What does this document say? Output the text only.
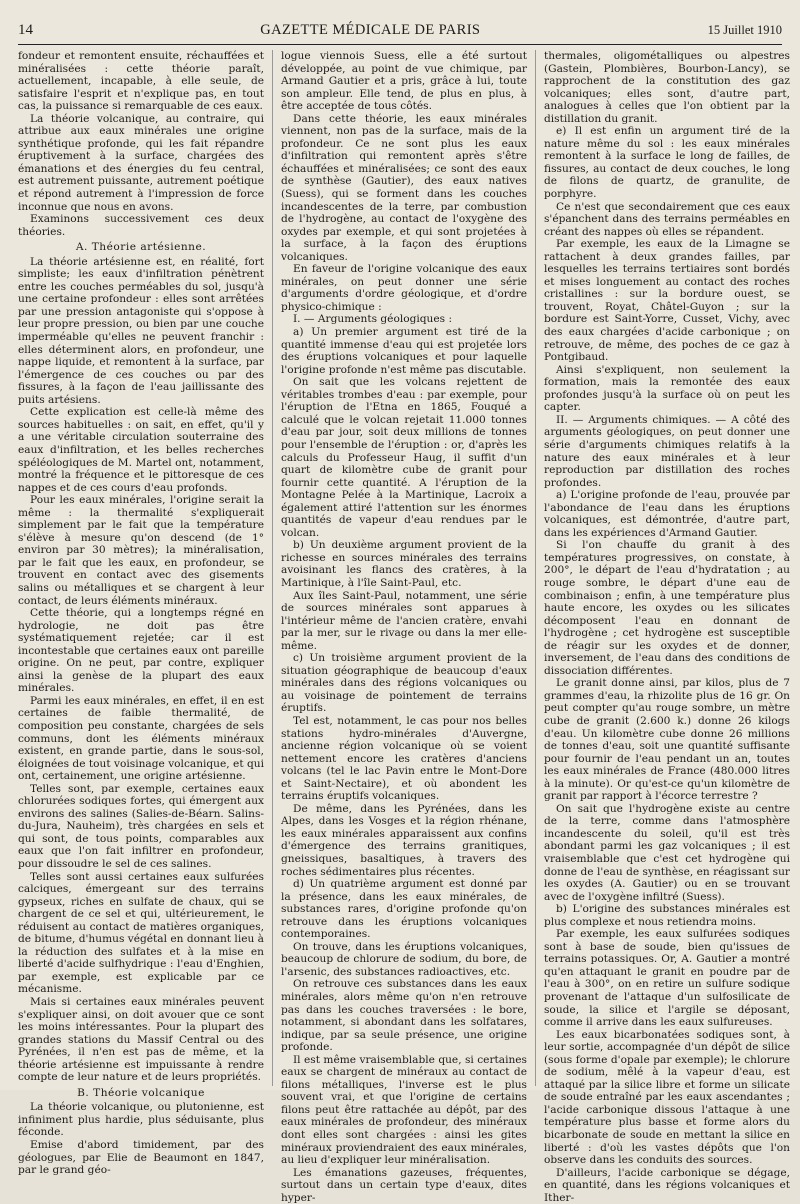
14	GAZETTE MÉDICALE DE PARIS	15 Juillet 1910

fondeur et remontent ensuite, réchauffées et minéralisées : cette théorie paraît, actuellement, incapable, à elle seule, de satisfaire l'esprit et n'explique pas, en tout cas, la puissance si remarquable de ces eaux.

La théorie volcanique, au contraire, qui attribue aux eaux minérales une origine synthétique profonde, qui les fait répandre éruptivement à la surface, chargées des émanations et des énergies du feu central, est autrement puissante, autrement poétique et répond autrement à l'impression de force inconnue que nous en avons.

Examinons successivement ces deux théories.

A. Théorie artésienne.

La théorie artésienne est, en réalité, fort simpliste; les eaux d'infiltration pénètrent entre les couches perméables du sol, jusqu'à une certaine profondeur : elles sont arrêtées par une pression antagoniste qui s'oppose à leur propre pression, ou bien par une couche imperméable qu'elles ne peuvent franchir : elles déterminent alors, en profondeur, une nappe liquide, et remontent à la surface, par l'émergence de ces couches ou par des fissures, à la façon de l'eau jaillissante des puits artésiens.

Cette explication est celle-là même des sources habituelles : on sait, en effet, qu'il y a une véritable circulation souterraine des eaux d'infiltration, et les belles recherches spéléologiques de M. Martel ont, notamment, montré la fréquence et le pittoresque de ces nappes et de ces cours d'eau profonds.

Pour les eaux minérales, l'origine serait la même : la thermalité s'expliquerait simplement par le fait que la température s'élève à mesure qu'on descend (de 1° environ par 30 mètres); la minéralisation, par le fait que les eaux, en profondeur, se trouvent en contact avec des gisements salins ou métalliques et se chargent à leur contact, de leurs éléments minéraux.

Cette théorie, qui a longtemps régné en hydrologie, ne doit pas être systématiquement rejetée; car il est incontestable que certaines eaux ont pareille origine. On ne peut, par contre, expliquer ainsi la genèse de la plupart des eaux minérales.

Parmi les eaux minérales, en effet, il en est certaines de faible thermalité, de composition peu constante, chargées de sels communs, dont les éléments minéraux existent, en grande partie, dans le sous-sol, éloignées de tout voisinage volcanique, et qui ont, certainement, une origine artésienne.

Telles sont, par exemple, certaines eaux chlorurées sodiques fortes, qui émergent aux environs des salines (Salies-de-Béarn. Salins-du-Jura, Nauheim), très chargées en sels et qui sont, de tous points, comparables aux eaux que l'on fait infiltrer en profondeur, pour dissoudre le sel de ces salines.

Telles sont aussi certaines eaux sulfurées calciques, émergeant sur des terrains gypseux, riches en sulfate de chaux, qui se chargent de ce sel et qui, ultérieurement, le réduisent au contact de matières organiques, de bitume, d'humus végétal en donnant lieu à la réduction des sulfates et à la mise en liberté d'acide sulfhydrique : l'eau d'Enghien, par exemple, est explicable par ce mécanisme.

Mais si certaines eaux minérales peuvent s'expliquer ainsi, on doit avouer que ce sont les moins intéressantes. Pour la plupart des grandes stations du Massif Central ou des Pyrénées, il n'en est pas de même, et la théorie artésienne est impuissante à rendre compte de leur nature et de leurs propriétés.

B. Théorie volcanique

La théorie volcanique, ou plutonienne, est infiniment plus hardie, plus séduisante, plus féconde.

Emise d'abord timidement, par des géologues, par Elie de Beaumont en 1847, par le grand géo-

logue viennois Suess, elle a été surtout développée, au point de vue chimique, par Armand Gautier et a pris, grâce à lui, toute son ampleur. Elle tend, de plus en plus, à être acceptée de tous côtés.

Dans cette théorie, les eaux minérales viennent, non pas de la surface, mais de la profondeur. Ce ne sont plus les eaux d'infiltration qui remontent après s'être échauffées et minéralisées; ce sont des eaux de synthèse (Gautier), des eaux natives (Suess), qui se forment dans les couches incandescentes de la terre, par combustion de l'hydrogène, au contact de l'oxygène des oxydes par exemple, et qui sont projetées à la surface, à la façon des éruptions volcaniques.

En faveur de l'origine volcanique des eaux minérales, on peut donner une série d'arguments d'ordre géologique, et d'ordre physico-chimique :

I. — Arguments géologiques :

a) Un premier argument est tiré de la quantité immense d'eau qui est projetée lors des éruptions volcaniques et pour laquelle l'origine profonde n'est même pas discutable.

On sait que les volcans rejettent de véritables trombes d'eau : par exemple, pour l'éruption de l'Etna en 1865, Fouqué a calculé que le volcan rejetait 11.000 tonnes d'eau par jour, soit deux millions de tonnes pour l'ensemble de l'éruption : or, d'après les calculs du Professeur Haug, il suffit d'un quart de kilomètre cube de granit pour fournir cette quantité. A l'éruption de la Montagne Pelée à la Martinique, Lacroix a également attiré l'attention sur les énormes quantités de vapeur d'eau rendues par le volcan.

b) Un deuxième argument provient de la richesse en sources minérales des terrains avoisinant les flancs des cratères, à la Martinique, à l'île Saint-Paul, etc.

Aux îles Saint-Paul, notamment, une série de sources minérales sont apparues à l'intérieur même de l'ancien cratère, envahi par la mer, sur le rivage ou dans la mer elle-même.

c) Un troisième argument provient de la situation géographique de beaucoup d'eaux minérales dans des régions volcaniques ou au voisinage de pointement de terrains éruptifs.

Tel est, notamment, le cas pour nos belles stations hydro-minérales d'Auvergne, ancienne région volcanique où se voient nettement encore les cratères d'anciens volcans (tel le lac Pavin entre le Mont-Dore et Saint-Nectaire), et où abondent les terrains éruptifs volcaniques.

De même, dans les Pyrénées, dans les Alpes, dans les Vosges et la région rhénane, les eaux minérales apparaissent aux confins d'émergence des terrains granitiques, gneissiques, basaltiques, à travers des roches sédimentaires plus récentes.

d) Un quatrième argument est donné par la présence, dans les eaux minérales, de substances rares, d'origine profonde qu'on retrouve dans les éruptions volcaniques contemporaines.

On trouve, dans les éruptions volcaniques, beaucoup de chlorure de sodium, du bore, de l'arsenic, des substances radioactives, etc.

On retrouve ces substances dans les eaux minérales, alors même qu'on n'en retrouve pas dans les couches traversées : le bore, notamment, si abondant dans les solfatares, indique, par sa seule présence, une origine profonde.

Il est même vraisemblable que, si certaines eaux se chargent de minéraux au contact de filons métalliques, l'inverse est le plus souvent vrai, et que l'origine de certains filons peut être rattachée au dépôt, par des eaux minérales de profondeur, des minéraux dont elles sont chargées : ainsi les gites minéraux proviendraient des eaux minérales, au lieu d'expliquer leur minéralisation.

Les émanations gazeuses, fréquentes, surtout dans un certain type d'eaux, dites hyper-

thermales, oligométalliques ou alpestres (Gastein, Plombières, Bourbon-Lancy), se rapprochent de la constitution des gaz volcaniques; elles sont, d'autre part, analogues à celles que l'on obtient par la distillation du granit.

e) Il est enfin un argument tiré de la nature même du sol : les eaux minérales remontent à la surface le long de failles, de fissures, au contact de deux couches, le long de filons de quartz, de granulite, de porphyre.

Ce n'est que secondairement que ces eaux s'épanchent dans des terrains perméables en créant des nappes où elles se répandent.

Par exemple, les eaux de la Limagne se rattachent à deux grandes failles, par lesquelles les terrains tertiaires sont bordés et mises longuement au contact des roches cristallines : sur la bordure ouest, se trouvent, Royat, Châtel-Guyon ; sur la bordure est Saint-Yorre, Cusset, Vichy, avec des eaux chargées d'acide carbonique ; on retrouve, de même, des poches de ce gaz à Pontgibaud.

Ainsi s'expliquent, non seulement la formation, mais la remontée des eaux profondes jusqu'à la surface où on peut les capter.

II. — Arguments chimiques. — A côté des arguments géologiques, on peut donner une série d'arguments chimiques relatifs à la nature des eaux minérales et à leur reproduction par distillation des roches profondes.

a) L'origine profonde de l'eau, prouvée par l'abondance de l'eau dans les éruptions volcaniques, est démontrée, d'autre part, dans les expériences d'Armand Gautier.

Si l'on chauffe du granit à des températures progressives, on constate, à 200°, le départ de l'eau d'hydratation ; au rouge sombre, le départ d'une eau de combinaison ; enfin, à une température plus haute encore, les oxydes ou les silicates décomposent l'eau en donnant de l'hydrogène ; cet hydrogène est susceptible de réagir sur les oxydes et de donner, inversement, de l'eau dans des conditions de dissociation différentes.

Le granit donne ainsi, par kilos, plus de 7 grammes d'eau, la rhizolite plus de 16 gr. On peut compter qu'au rouge sombre, un mètre cube de granit (2.600 k.) donne 26 kilogs d'eau. Un kilomètre cube donne 26 millions de tonnes d'eau, soit une quantité suffisante pour fournir de l'eau pendant un an, toutes les eaux minérales de France (480.000 litres à la minute). Or qu'est-ce qu'un kilomètre de granit par rapport à l'écorce terrestre ?

On sait que l'hydrogène existe au centre de la terre, comme dans l'atmosphère incandescente du soleil, qu'il est très abondant parmi les gaz volcaniques ; il est vraisemblable que c'est cet hydrogène qui donne de l'eau de synthèse, en réagissant sur les oxydes (A. Gautier) ou en se trouvant avec de l'oxygène infiltré (Suess).

b) L'origine des substances minérales est plus complexe et nous retiendra moins.

Par exemple, les eaux sulfurées sodiques sont à base de soude, bien qu'issues de terrains potassiques. Or, A. Gautier a montré qu'en attaquant le granit en poudre par de l'eau à 300°, on en retire un sulfure sodique provenant de l'attaque d'un sulfosilicate de soude, la silice et l'argile se déposant, comme il arrive dans les eaux sulfureuses.

Les eaux bicarbonatées sodiques sont, à leur sortie, accompagnée d'un dépôt de silice (sous forme d'opale par exemple); le chlorure de sodium, mêlé à la vapeur d'eau, est attaqué par la silice libre et forme un silicate de soude entraîné par les eaux ascendantes ; l'acide carbonique dissous l'attaque à une température plus basse et forme alors du bicarbonate de soude en mettant la silice en liberté : d'où les vastes dépôts que l'on observe dans les conduits des sources.

D'ailleurs, l'acide carbonique se dégage, en quantité, dans les régions volcaniques et Ither-
